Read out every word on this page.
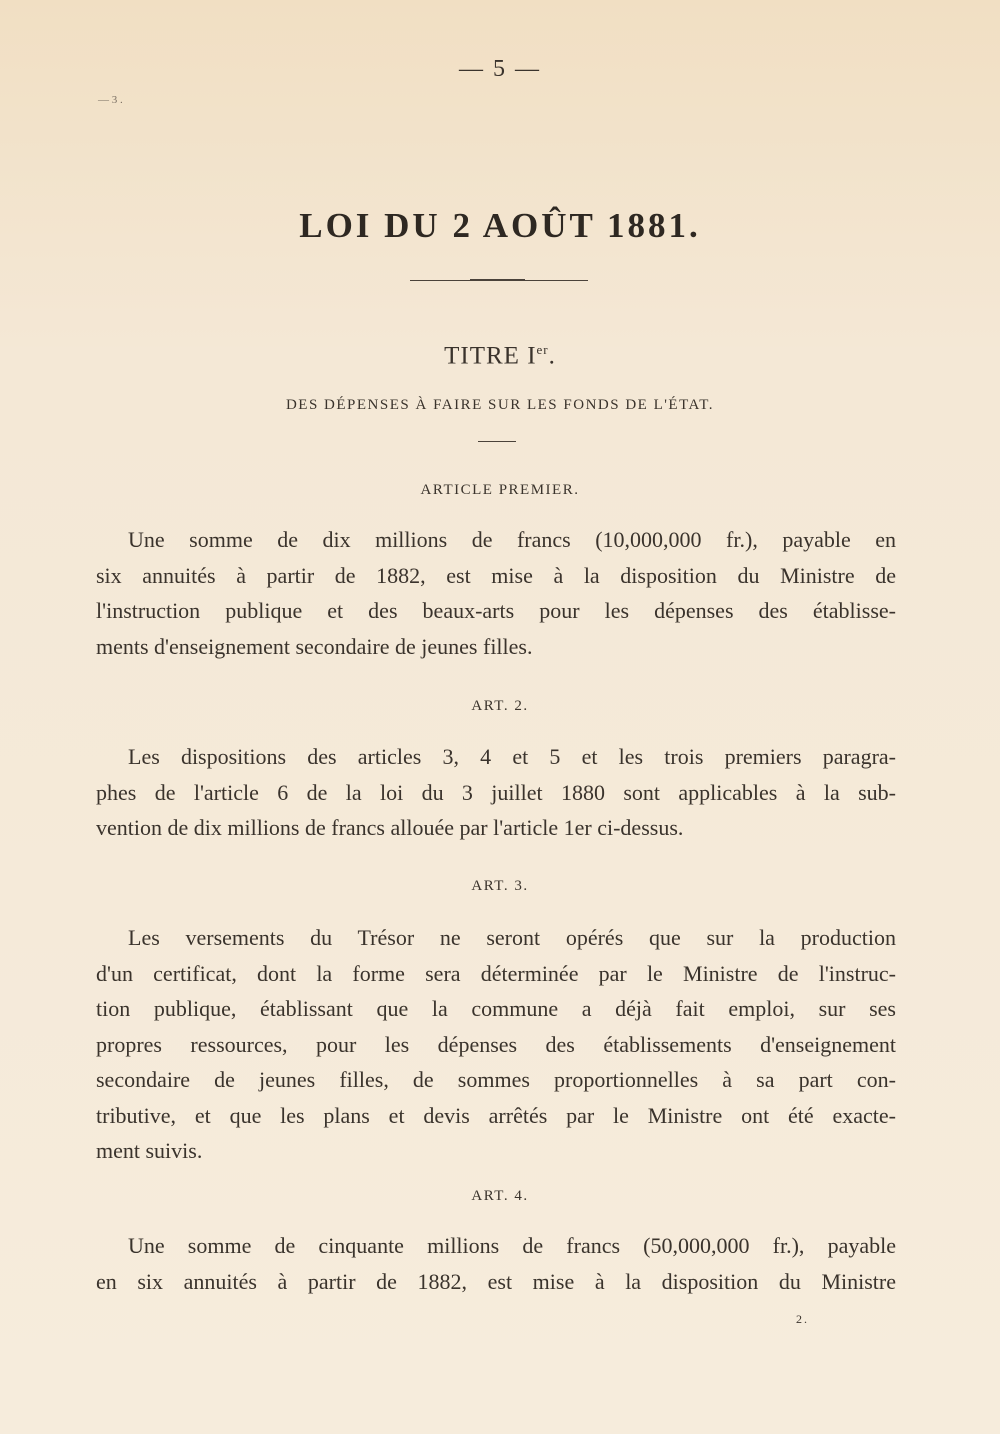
— 5 —
— 3 .
LOI DU 2 AOÛT 1881.
TITRE Ier.
DES DÉPENSES À FAIRE SUR LES FONDS DE L'ÉTAT.
ARTICLE PREMIER.
Une somme de dix millions de francs (10,000,000 fr.), payable en
six annuités à partir de 1882, est mise à la disposition du Ministre de
l'instruction publique et des beaux-arts pour les dépenses des établisse-
ments d'enseignement secondaire de jeunes filles.
ART. 2.
Les dispositions des articles 3, 4 et 5 et les trois premiers paragra-
phes de l'article 6 de la loi du 3 juillet 1880 sont applicables à la sub-
vention de dix millions de francs allouée par l'article 1er ci-dessus.
ART. 3.
Les versements du Trésor ne seront opérés que sur la production
d'un certificat, dont la forme sera déterminée par le Ministre de l'instruc-
tion publique, établissant que la commune a déjà fait emploi, sur ses
propres ressources, pour les dépenses des établissements d'enseignement
secondaire de jeunes filles, de sommes proportionnelles à sa part con-
tributive, et que les plans et devis arrêtés par le Ministre ont été exacte-
ment suivis.
ART. 4.
Une somme de cinquante millions de francs (50,000,000 fr.), payable
en six annuités à partir de 1882, est mise à la disposition du Ministre
2.
